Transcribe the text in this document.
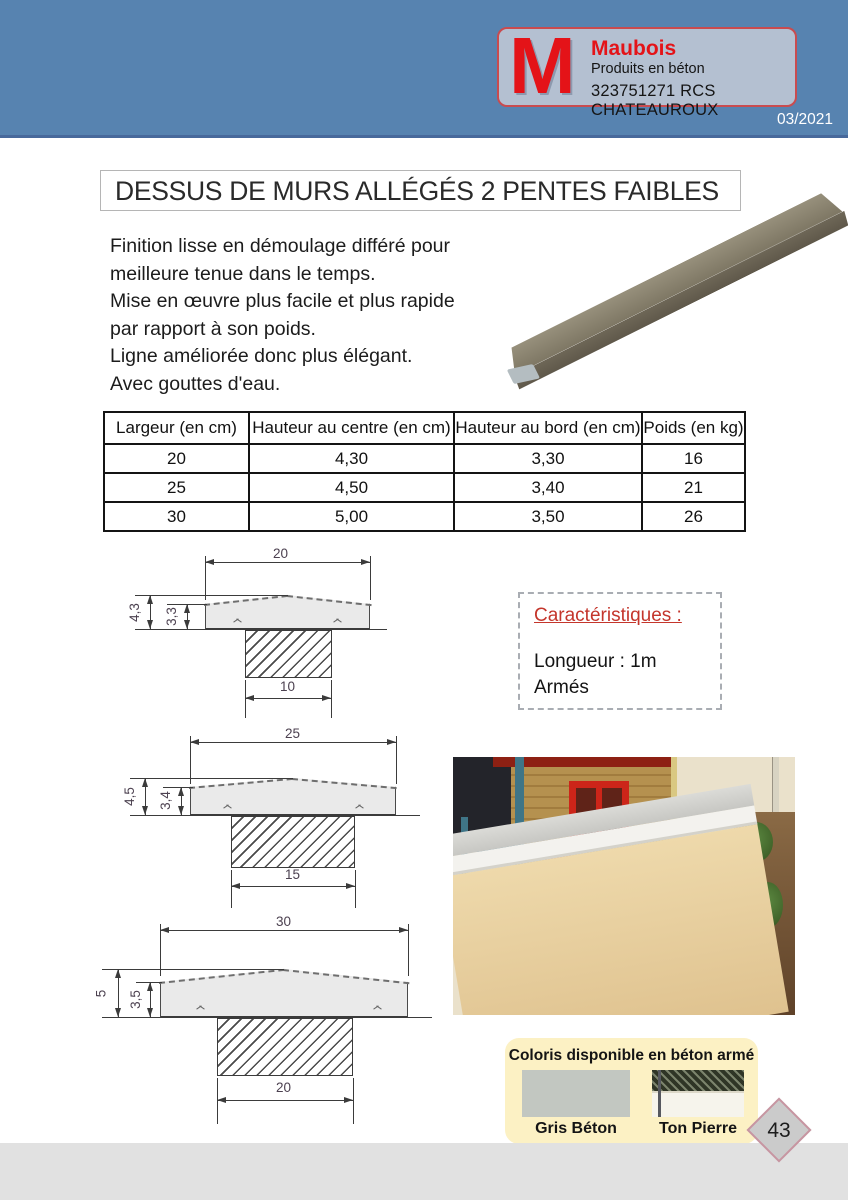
M Maubois
Produits en béton
323751271 RCS CHATEAUROUX
03/2021
DESSUS DE MURS ALLÉGÉS 2 PENTES FAIBLES
Finition lisse en démoulage différé pour
meilleure tenue dans le temps.
Mise en œuvre plus facile et plus rapide
par rapport à son poids.
Ligne améliorée donc plus élégant.
Avec gouttes d'eau.
Largeur (en cm)	Hauteur au centre (en cm)	Hauteur au bord (en cm)	Poids (en kg)
20	4,30	3,30	16
25	4,50	3,40	21
30	5,00	3,50	26
20
4,3 3,3
10
25
4,5 3,4
15
30
5 3,5
20
Caractéristiques :
Longueur : 1m
Armés
Coloris disponible en béton armé
Gris Béton	Ton Pierre	43
